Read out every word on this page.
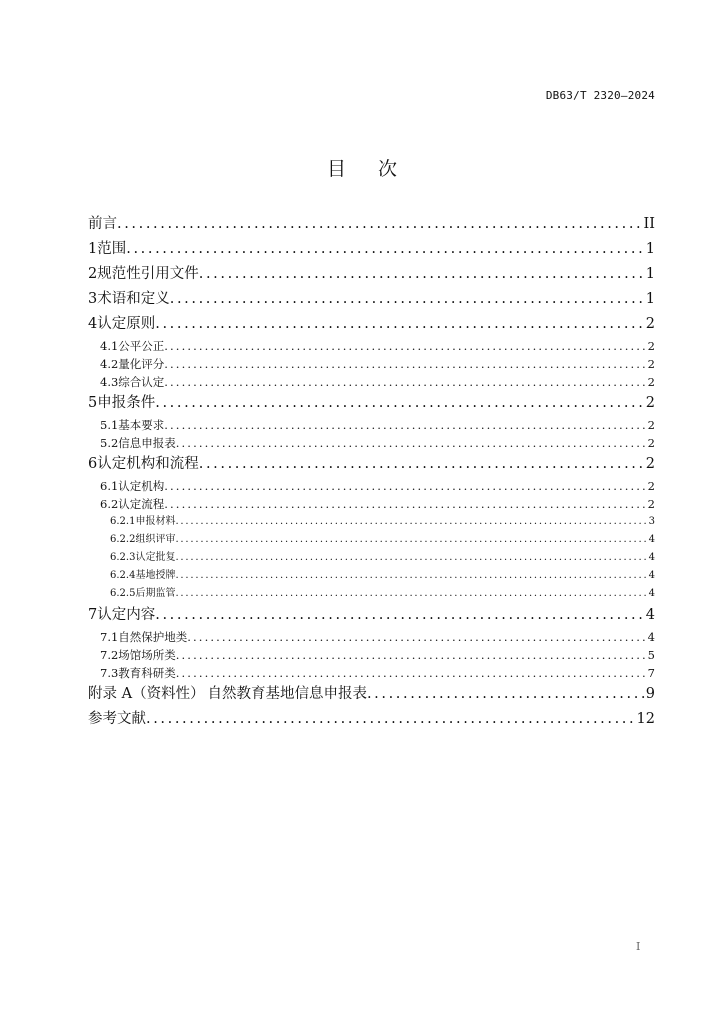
DB63/T 2320—2024
目 次
前言 .....	II
1 范围 .....	1
2 规范性引用文件 .....	1
3 术语和定义 .....	1
4 认定原则 .....	2
4.1 公平公正 .....	2
4.2 量化评分 .....	2
4.3 综合认定 .....	2
5 申报条件 .....	2
5.1 基本要求 .....	2
5.2 信息申报表 .....	2
6 认定机构和流程 .....	2
6.1 认定机构 .....	2
6.2 认定流程 .....	2
6.2.1 申报材料 .....	3
6.2.2 组织评审 .....	4
6.2.3 认定批复 .....	4
6.2.4 基地授牌 .....	4
6.2.5 后期监管 .....	4
7 认定内容 .....	4
7.1 自然保护地类 .....	4
7.2 场馆场所类 .....	5
7.3 教育科研类 .....	7
附录 A（资料性） 自然教育基地信息申报表 .....	9
参考文献 .....	12
I
